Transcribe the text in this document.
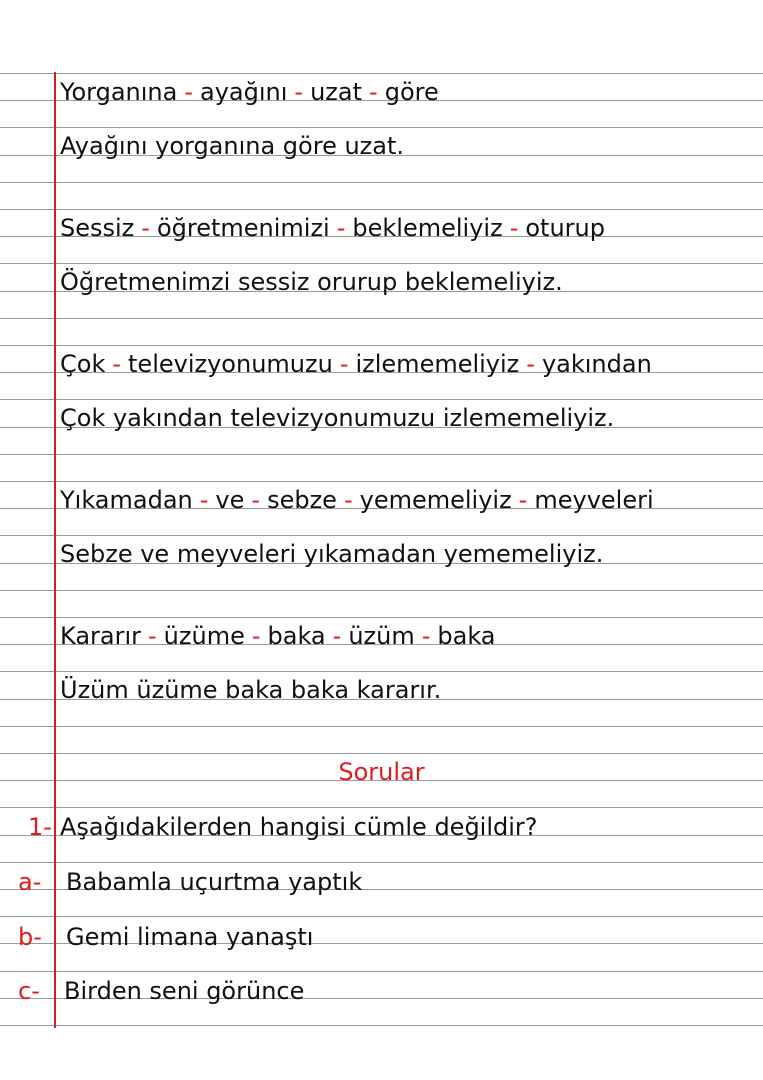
Yorganına - ayağını - uzat - göre
Ayağını yorganına göre uzat.
Sessiz - öğretmenimizi - beklemeliyiz - oturup
Öğretmenimzi sessiz orurup beklemeliyiz.
Çok - televizyonumuzu - izlememeliyiz - yakından
Çok yakından televizyonumuzu izlememeliyiz.
Yıkamadan - ve - sebze - yememeliyiz - meyveleri
Sebze ve meyveleri yıkamadan yememeliyiz.
Kararır - üzüme - baka - üzüm - baka
Üzüm üzüme baka baka kararır.
Sorular
1- Aşağıdakilerden hangisi cümle değildir?
a- Babamla uçurtma yaptık
b- Gemi limana yanaştı
c- Birden seni görünce
